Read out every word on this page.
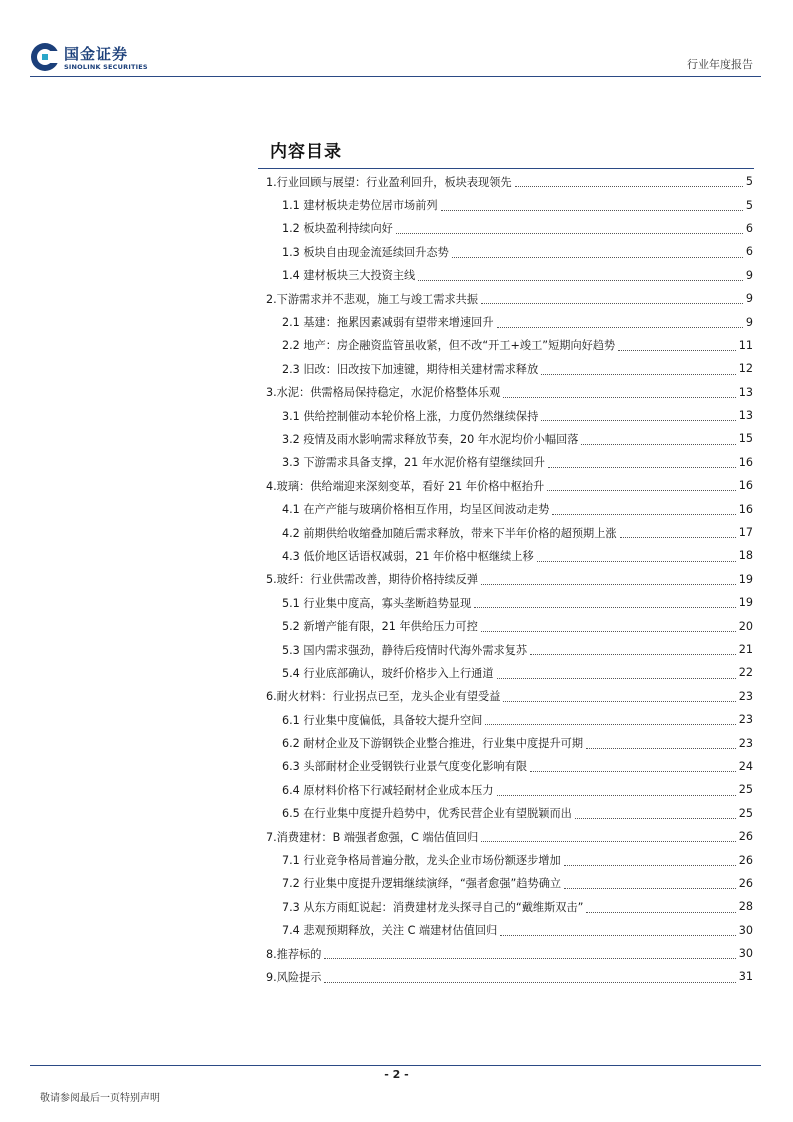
国金证券
SINOLINK SECURITIES	行业年度报告
内容目录
1.行业回顾与展望：行业盈利回升，板块表现领先	5
1.1 建材板块走势位居市场前列	5
1.2 板块盈利持续向好	6
1.3 板块自由现金流延续回升态势	6
1.4 建材板块三大投资主线	9
2.下游需求并不悲观，施工与竣工需求共振	9
2.1 基建：拖累因素减弱有望带来增速回升	9
2.2 地产：房企融资监管虽收紧，但不改“开工+竣工”短期向好趋势	11
2.3 旧改：旧改按下加速键，期待相关建材需求释放	12
3.水泥：供需格局保持稳定，水泥价格整体乐观	13
3.1 供给控制催动本轮价格上涨，力度仍然继续保持	13
3.2 疫情及雨水影响需求释放节奏，20 年水泥均价小幅回落	15
3.3 下游需求具备支撑，21 年水泥价格有望继续回升	16
4.玻璃：供给端迎来深刻变革，看好 21 年价格中枢抬升	16
4.1 在产产能与玻璃价格相互作用，均呈区间波动走势	16
4.2 前期供给收缩叠加随后需求释放，带来下半年价格的超预期上涨	17
4.3 低价地区话语权减弱，21 年价格中枢继续上移	18
5.玻纤：行业供需改善，期待价格持续反弹	19
5.1 行业集中度高，寡头垄断趋势显现	19
5.2 新增产能有限，21 年供给压力可控	20
5.3 国内需求强劲，静待后疫情时代海外需求复苏	21
5.4 行业底部确认，玻纤价格步入上行通道	22
6.耐火材料：行业拐点已至，龙头企业有望受益	23
6.1 行业集中度偏低，具备较大提升空间	23
6.2 耐材企业及下游钢铁企业整合推进，行业集中度提升可期	23
6.3 头部耐材企业受钢铁行业景气度变化影响有限	24
6.4 原材料价格下行减轻耐材企业成本压力	25
6.5 在行业集中度提升趋势中，优秀民营企业有望脱颖而出	25
7.消费建材：B 端强者愈强，C 端估值回归	26
7.1 行业竞争格局普遍分散，龙头企业市场份额逐步增加	26
7.2 行业集中度提升逻辑继续演绎，“强者愈强”趋势确立	26
7.3 从东方雨虹说起：消费建材龙头探寻自己的“戴维斯双击”	28
7.4 悲观预期释放，关注 C 端建材估值回归	30
8.推荐标的	30
9.风险提示	31
- 2 -
敬请参阅最后一页特别声明
